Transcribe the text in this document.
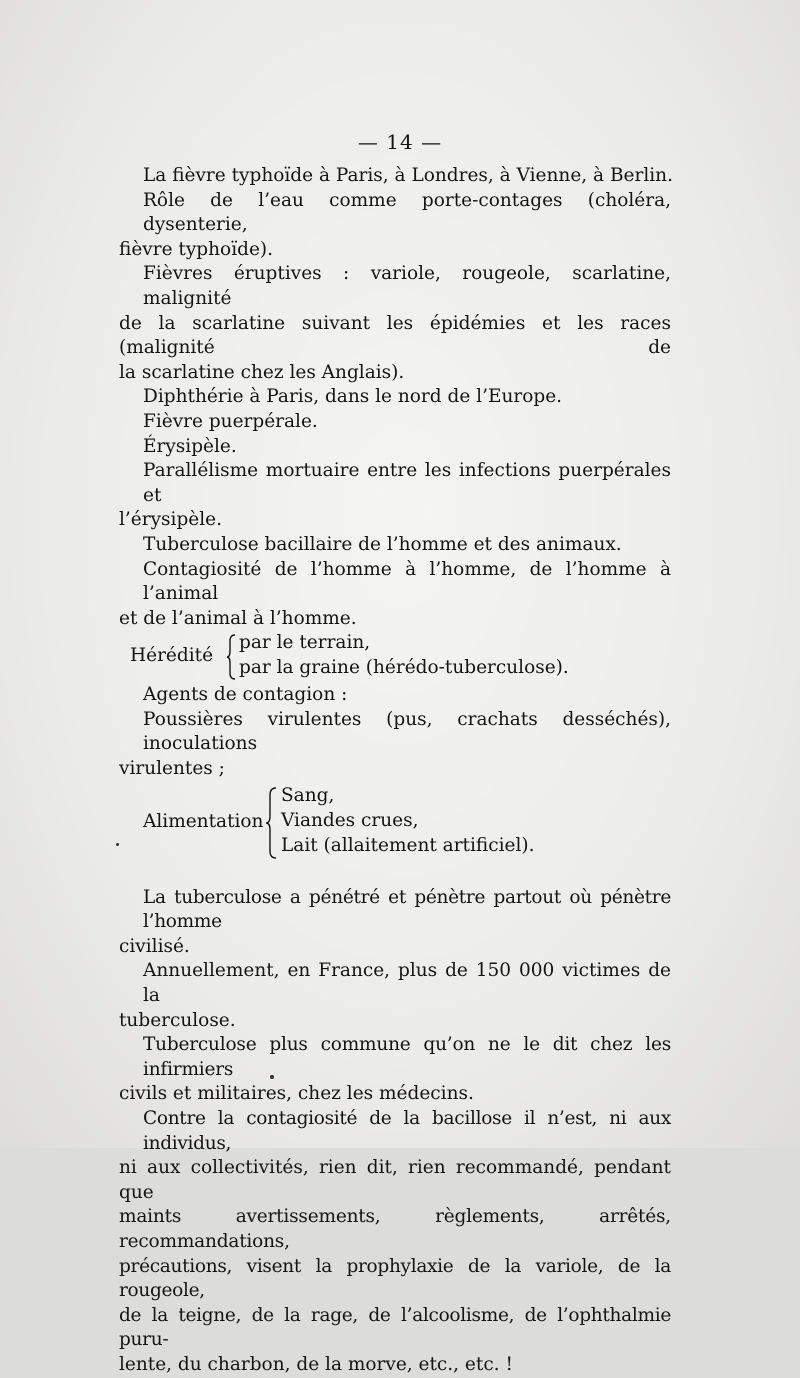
— 14 —
La fièvre typhoïde à Paris, à Londres, à Vienne, à Berlin.
Rôle de l’eau comme porte-contages (choléra, dysenterie,
fièvre typhoïde).
Fièvres éruptives : variole, rougeole, scarlatine, malignité
de la scarlatine suivant les épidémies et les races (malignité de
la scarlatine chez les Anglais).
Diphthérie à Paris, dans le nord de l’Europe.
Fièvre puerpérale.
Érysipèle.
Parallélisme mortuaire entre les infections puerpérales et
l’érysipèle.
Tuberculose bacillaire de l’homme et des animaux.
Contagiosité de l’homme à l’homme, de l’homme à l’animal
et de l’animal à l’homme.
Hérédité
par le terrain,
par la graine (hérédo-tuberculose).
Agents de contagion :
Poussières virulentes (pus, crachats desséchés), inoculations
virulentes ;
Alimentation
Sang,
Viandes crues,
Lait (allaitement artificiel).
La tuberculose a pénétré et pénètre partout où pénètre l’homme
civilisé.
Annuellement, en France, plus de 150 000 victimes de la
tuberculose.
Tuberculose plus commune qu’on ne le dit chez les infirmiers
civils et militaires, chez les médecins.
Contre la contagiosité de la bacillose il n’est, ni aux individus,
ni aux collectivités, rien dit, rien recommandé, pendant que
maints avertissements, règlements, arrêtés, recommandations,
précautions, visent la prophylaxie de la variole, de la rougeole,
de la teigne, de la rage, de l’alcoolisme, de l’ophthalmie puru-
lente, du charbon, de la morve, etc., etc. !
